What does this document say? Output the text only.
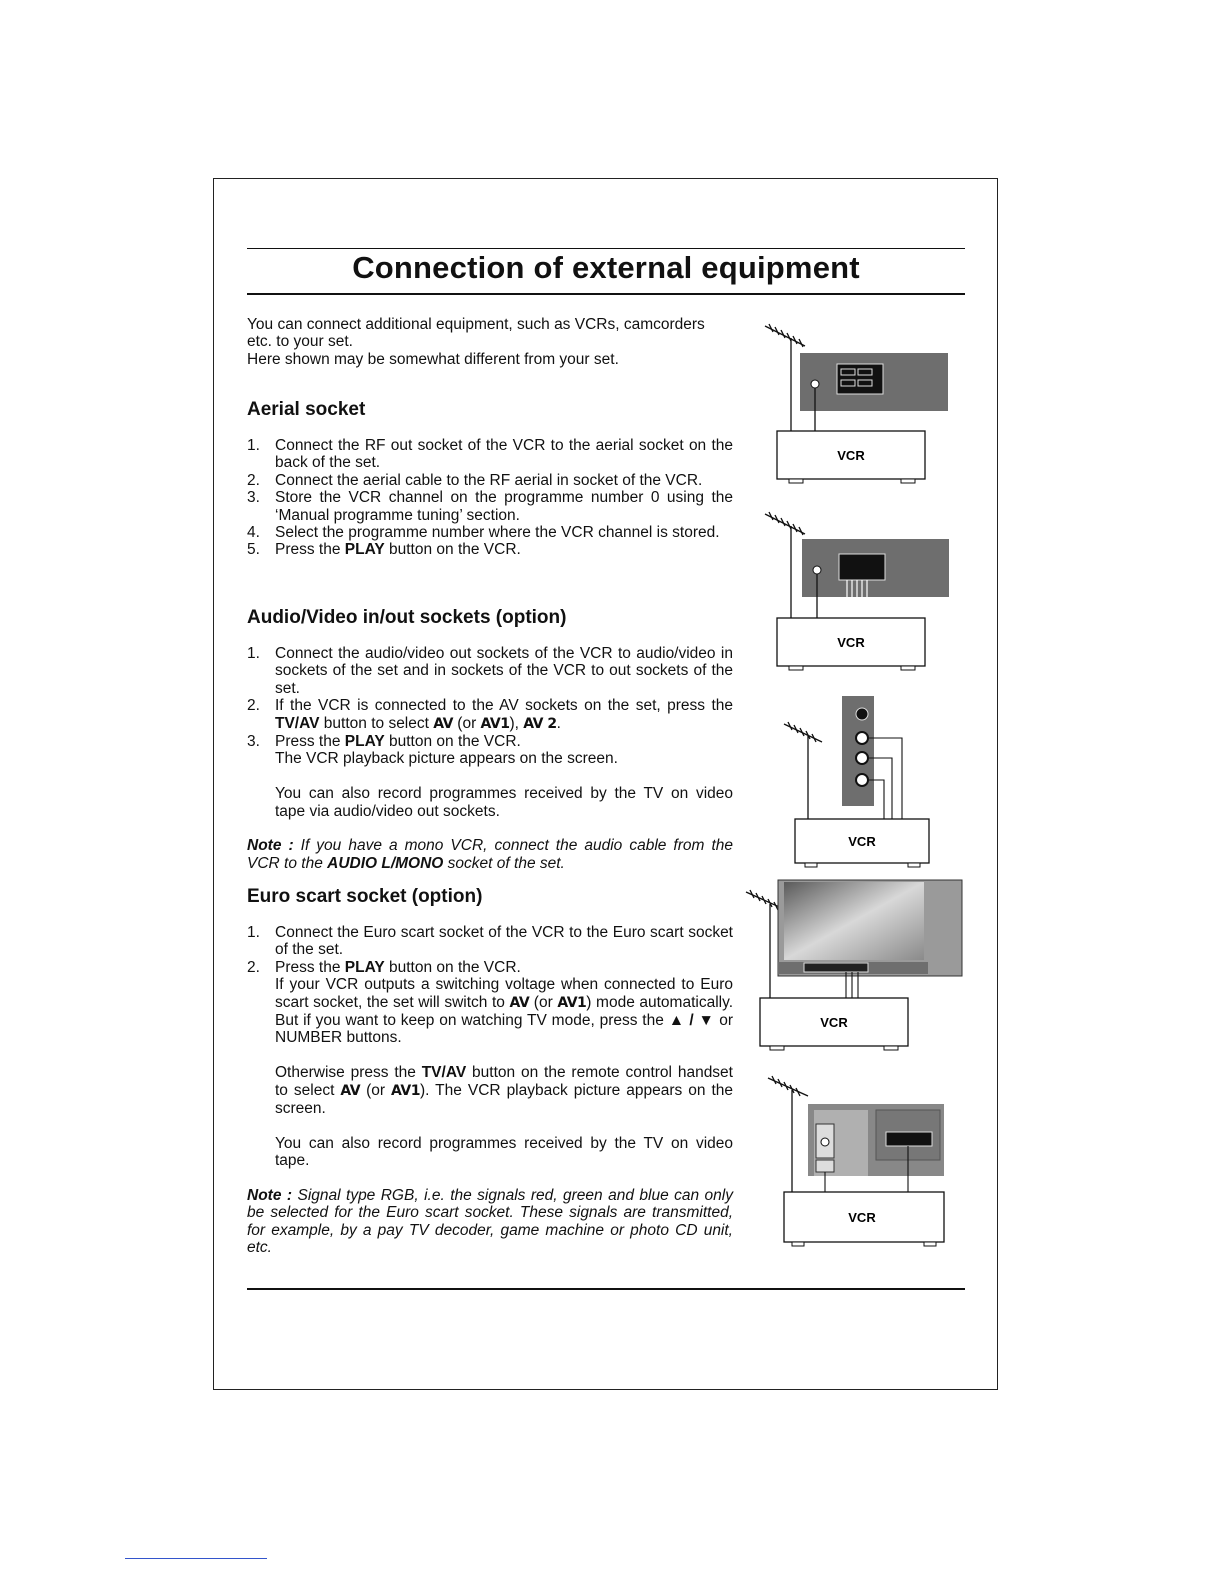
Connection of external equipment

You can connect additional equipment, such as VCRs, camcorders etc. to your set.

Here shown may be somewhat different from your set.

Aerial socket
1. Connect the RF out socket of the VCR to the aerial socket on the back of the set.
2. Connect the aerial cable to the RF aerial in socket of the VCR.
3. Store the VCR channel on the programme number 0 using the ‘Manual programme tuning’ section.
4. Select the programme number where the VCR channel is stored.
5. Press the PLAY button on the VCR.
Audio/Video in/out sockets (option)
1. Connect the audio/video out sockets of the VCR to audio/video in sockets of the set and in sockets of the VCR to out sockets of the set.
2. If the VCR is connected to the AV sockets on the set, press the TV/AV button to select AV (or AV1), AV 2.
3. Press the PLAY button on the VCR.
The VCR playback picture appears on the screen.
You can also record programmes received by the TV on video tape via audio/video out sockets.

Note : If you have a mono VCR, connect the audio cable from the VCR to the AUDIO L/MONO socket of the set.

Euro scart socket (option)
1. Connect the Euro scart socket of the VCR to the Euro scart socket of the set.
2. Press the PLAY button on the VCR.
If your VCR outputs a switching voltage when connected to Euro scart socket, the set will switch to AV (or AV1) mode automatically. But if you want to keep on watching TV mode, press the ▲ / ▼ or NUMBER buttons.
Otherwise press the TV/AV button on the remote control handset to select AV (or AV1). The VCR playback picture appears on the screen.
You can also record programmes received by the TV on video tape.

Note : Signal type RGB, i.e. the signals red, green and blue can only be selected for the Euro scart socket. These signals are transmitted, for example, by a pay TV decoder, game machine or photo CD unit, etc.

VCR
VCR
VCR
VCR
VCR
